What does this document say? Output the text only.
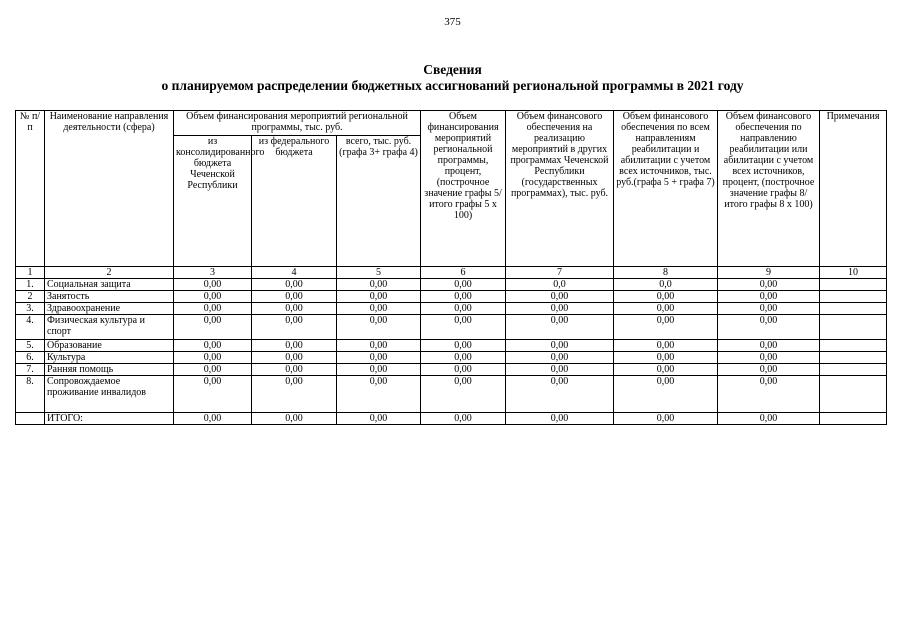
375
Сведения
о планируемом распределении бюджетных ассигнований региональной программы в 2021 году
№ п/п	Наименование направления деятельности (сфера)	Объем финансирования мероприятий региональной программы, тыс. руб.			Объем финансирования мероприятий региональной программы, процент, (построчное значение графы 5/ итого графы 5 х 100)	Объем финансового обеспечения на реализацию мероприятий в других программах Чеченской Республики (государственных программах), тыс. руб.	Объем финансового обеспечения по всем направлениям реабилитации и абилитации с учетом всех источников, тыс. руб.(графа 5 + графа 7)	Объем финансового обеспечения по направлению реабилитации или абилитации с учетом всех источников, процент, (построчное значение графы 8/ итого графы 8 х 100)	Примечания
		из консолидированного бюджета Чеченской Республики	из федерального бюджета	всего, тыс. руб. (графа 3+ графа 4)					
1	2	3	4	5	6	7	8	9	10
1.	Социальная защита	0,00	0,00	0,00	0,00	0,0	0,0	0,00	
2	Занятость	0,00	0,00	0,00	0,00	0,00	0,00	0,00	
3.	Здравоохранение	0,00	0,00	0,00	0,00	0,00	0,00	0,00	
4.	Физическая культура и спорт	0,00	0,00	0,00	0,00	0,00	0,00	0,00	
5.	Образование	0,00	0,00	0,00	0,00	0,00	0,00	0,00	
6.	Культура	0,00	0,00	0,00	0,00	0,00	0,00	0,00	
7.	Ранняя помощь	0,00	0,00	0,00	0,00	0,00	0,00	0,00	
8.	Сопровождаемое проживание инвалидов	0,00	0,00	0,00	0,00	0,00	0,00	0,00	
	ИТОГО:	0,00	0,00	0,00	0,00	0,00	0,00	0,00	
